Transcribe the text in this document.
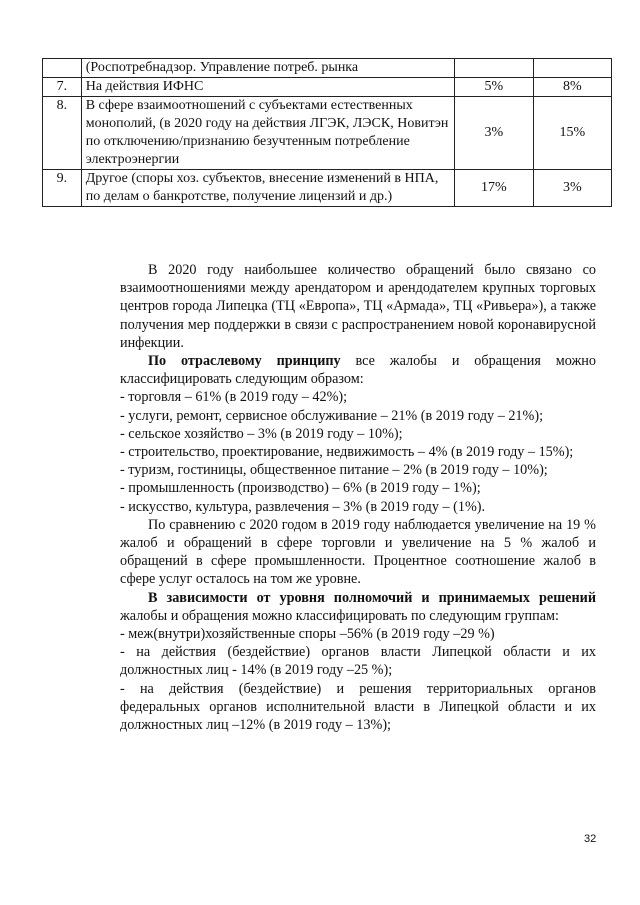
	(Роспотребнадзор. Управление потреб. рынка		
7.	На действия ИФНС	5%	8%
8.	В сфере взаимоотношений с субъектами естественных монополий, (в 2020 году на действия ЛГЭК, ЛЭСК, Новитэн по отключению/признанию безучтенным потребление электроэнергии	3%	15%
9.	Другое (споры хоз. субъектов, внесение изменений в НПА, по делам о банкротстве, получение лицензий и др.)	17%	3%

В 2020 году наибольшее количество обращений было связано со взаимоотношениями между арендатором и арендодателем крупных торговых центров города Липецка (ТЦ «Европа», ТЦ «Армада», ТЦ «Ривьера»), а также получения мер поддержки в связи с распространением новой коронавирусной инфекции.

По отраслевому принципу все жалобы и обращения можно классифицировать следующим образом:

- торговля – 61% (в 2019 году – 42%);

- услуги, ремонт, сервисное обслуживание – 21% (в 2019 году – 21%);

- сельское хозяйство – 3% (в 2019 году – 10%);

- строительство, проектирование, недвижимость – 4% (в 2019 году – 15%);

- туризм, гостиницы, общественное питание – 2% (в 2019 году – 10%);

- промышленность (производство) – 6% (в 2019 году – 1%);

- искусство, культура, развлечения – 3% (в 2019 году – (1%).

По сравнению с 2020 годом в 2019 году наблюдается увеличение на 19 % жалоб и обращений в сфере торговли и увеличение на 5 % жалоб и обращений в сфере промышленности. Процентное соотношение жалоб в сфере услуг осталось на том же уровне.

В зависимости от уровня полномочий и принимаемых решений жалобы и обращения можно классифицировать по следующим группам:

- меж(внутри)хозяйственные споры –56% (в 2019 году –29 %)

- на действия (бездействие) органов власти Липецкой области и их должностных лиц - 14% (в 2019 году –25 %);

- на действия (бездействие) и решения территориальных органов федеральных органов исполнительной власти в Липецкой области и их должностных лиц –12% (в 2019 году – 13%);

32
